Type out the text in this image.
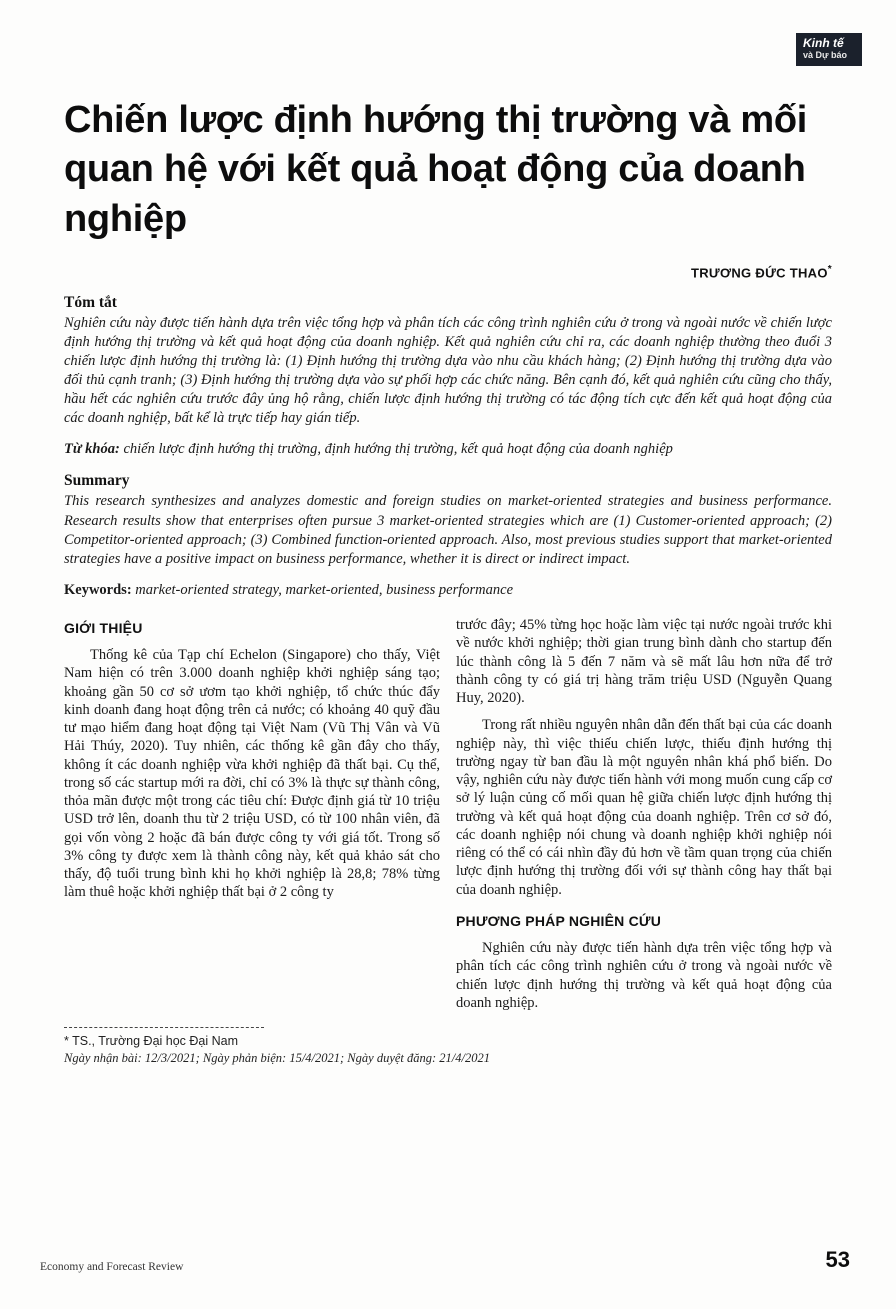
Kinh tế
và Dự báo
Chiến lược định hướng thị trường và mối quan hệ với kết quả hoạt động của doanh nghiệp
TRƯƠNG ĐỨC THAO*
Tóm tắt

Nghiên cứu này được tiến hành dựa trên việc tổng hợp và phân tích các công trình nghiên cứu ở trong và ngoài nước về chiến lược định hướng thị trường và kết quả hoạt động của doanh nghiệp. Kết quả nghiên cứu chỉ ra, các doanh nghiệp thường theo đuổi 3 chiến lược định hướng thị trường là: (1) Định hướng thị trường dựa vào nhu cầu khách hàng; (2) Định hướng thị trường dựa vào đối thủ cạnh tranh; (3) Định hướng thị trường dựa vào sự phối hợp các chức năng. Bên cạnh đó, kết quả nghiên cứu cũng cho thấy, hầu hết các nghiên cứu trước đây ủng hộ rằng, chiến lược định hướng thị trường có tác động tích cực đến kết quả hoạt động của các doanh nghiệp, bất kể là trực tiếp hay gián tiếp.

Từ khóa: chiến lược định hướng thị trường, định hướng thị trường, kết quả hoạt động của doanh nghiệp

Summary

This research synthesizes and analyzes domestic and foreign studies on market-oriented strategies and business performance. Research results show that enterprises often pursue 3 market-oriented strategies which are (1) Customer-oriented approach; (2) Competitor-oriented approach; (3) Combined function-oriented approach. Also, most previous studies support that market-oriented strategies have a positive impact on business performance, whether it is direct or indirect impact.

Keywords: market-oriented strategy, market-oriented, business performance

GIỚI THIỆU

Thống kê của Tạp chí Echelon (Singapore) cho thấy, Việt Nam hiện có trên 3.000 doanh nghiệp khởi nghiệp sáng tạo; khoảng gần 50 cơ sở ươm tạo khởi nghiệp, tổ chức thúc đẩy kinh doanh đang hoạt động trên cả nước; có khoảng 40 quỹ đầu tư mạo hiểm đang hoạt động tại Việt Nam (Vũ Thị Vân và Vũ Hải Thúy, 2020). Tuy nhiên, các thống kê gần đây cho thấy, không ít các doanh nghiệp vừa khởi nghiệp đã thất bại. Cụ thể, trong số các startup mới ra đời, chỉ có 3% là thực sự thành công, thỏa mãn được một trong các tiêu chí: Được định giá từ 10 triệu USD trở lên, doanh thu từ 2 triệu USD, có từ 100 nhân viên, đã gọi vốn vòng 2 hoặc đã bán được công ty với giá tốt. Trong số 3% công ty được xem là thành công này, kết quả khảo sát cho thấy, độ tuổi trung bình khi họ khởi nghiệp là 28,8; 78% từng làm thuê hoặc khởi nghiệp thất bại ở 2 công ty

trước đây; 45% từng học hoặc làm việc tại nước ngoài trước khi về nước khởi nghiệp; thời gian trung bình dành cho startup đến lúc thành công là 5 đến 7 năm và sẽ mất lâu hơn nữa để trở thành công ty có giá trị hàng trăm triệu USD (Nguyễn Quang Huy, 2020).

Trong rất nhiều nguyên nhân dẫn đến thất bại của các doanh nghiệp này, thì việc thiếu chiến lược, thiếu định hướng thị trường ngay từ ban đầu là một nguyên nhân khá phổ biến. Do vậy, nghiên cứu này được tiến hành với mong muốn cung cấp cơ sở lý luận củng cố mối quan hệ giữa chiến lược định hướng thị trường và kết quả hoạt động của doanh nghiệp. Trên cơ sở đó, các doanh nghiệp nói chung và doanh nghiệp khởi nghiệp nói riêng có thể có cái nhìn đầy đủ hơn về tầm quan trọng của chiến lược định hướng thị trường đối với sự thành công hay thất bại của doanh nghiệp.

PHƯƠNG PHÁP NGHIÊN CỨU

Nghiên cứu này được tiến hành dựa trên việc tổng hợp và phân tích các công trình nghiên cứu ở trong và ngoài nước về chiến lược định hướng thị trường và kết quả hoạt động của doanh nghiệp.

* TS., Trường Đại học Đại Nam
Ngày nhận bài: 12/3/2021; Ngày phản biện: 15/4/2021; Ngày duyệt đăng: 21/4/2021
Economy and Forecast Review	53
